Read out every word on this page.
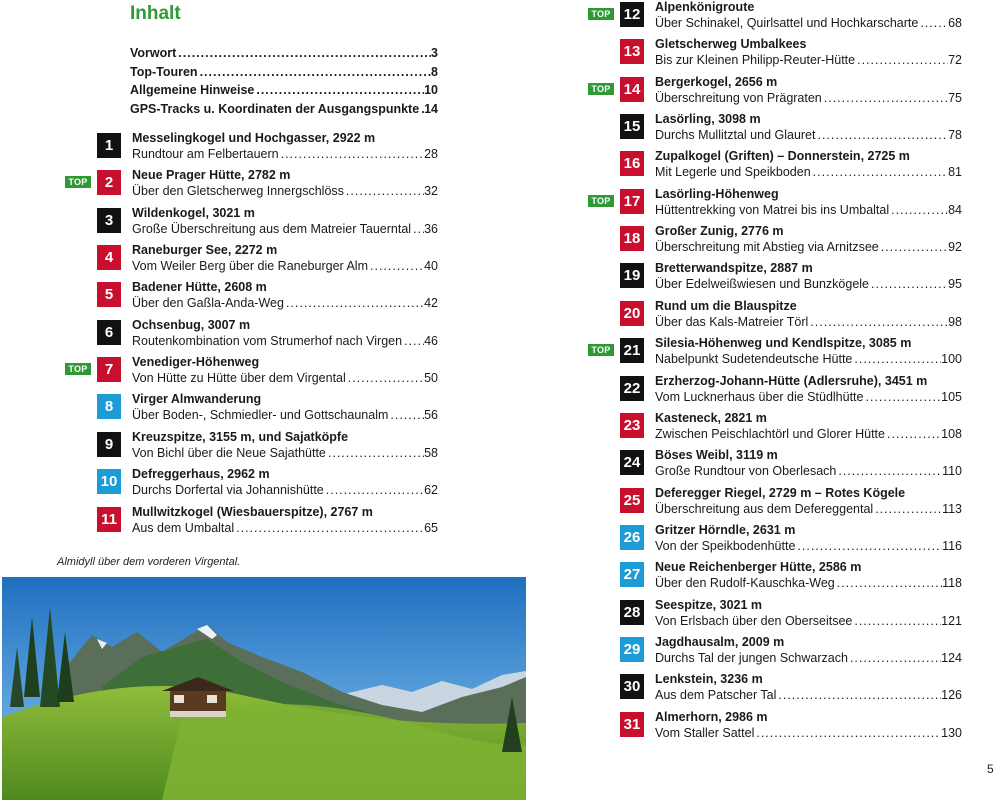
Inhalt
Vorwort .....	3
Top-Touren .....	8
Allgemeine Hinweise .....	10
GPS-Tracks u. Koordinaten der Ausgangspunkte ..... 14
1	Messelingkogel und Hochgasser, 2922 m
Rundtour am Felbertauern .....	28
TOP	2	Neue Prager Hütte, 2782 m
Über den Gletscherweg Innergschlöss .....	32
3	Wildenkogel, 3021 m
Große Überschreitung aus dem Matreier Tauerntal ..... 36
4	Raneburger See, 2272 m
Vom Weiler Berg über die Raneburger Alm .....	40
5	Badener Hütte, 2608 m
Über den Gaßla-Anda-Weg .....	42
6	Ochsenbug, 3007 m
Routenkombination vom Strumerhof nach Virgen ..... 46
TOP	7	Venediger-Höhenweg
Von Hütte zu Hütte über dem Virgental .....	50
8	Virger Almwanderung
Über Boden-, Schmiedler- und Gottschaunalm .....	56
9	Kreuzspitze, 3155 m, und Sajatköpfe
Von Bichl über die Neue Sajathütte .....	58
10 Defreggerhaus, 2962 m
Durchs Dorfertal via Johannishütte .....	62
11	Mullwitzkogel (Wiesbauerspitze), 2767 m
Aus dem Umbaltal .....	65
TOP 12 Alpenkönigroute
Über Schinakel, Quirlsattel und Hochkarscharte ..... 68
13 Gletscherweg Umbalkees
Bis zur Kleinen Philipp-Reuter-Hütte .....	72
TOP 14 Bergerkogel, 2656 m
Überschreitung von Prägraten .....	75
15 Lasörling, 3098 m
Durchs Mullitztal und Glauret .....	78
16 Zupalkogel (Griften) – Donnerstein, 2725 m
Mit Legerle und Speikboden .....	81
TOP 17 Lasörling-Höhenweg
Hüttentrekking von Matrei bis ins Umbaltal .....	84
18 Großer Zunig, 2776 m
Überschreitung mit Abstieg via Arnitzsee .....	92
19 Bretterwandspitze, 2887 m
Über Edelweißwiesen und Bunzkögele .....	95
20 Rund um die Blauspitze
Über das Kals-Matreier Törl .....	98
TOP 21 Silesia-Höhenweg und Kendlspitze, 3085 m
Nabelpunkt Sudetendeutsche Hütte .....	100
22 Erzherzog-Johann-Hütte (Adlersruhe), 3451 m
Vom Lucknerhaus über die Stüdlhütte .....	105
23 Kasteneck, 2821 m
Zwischen Peischlachtörl und Glorer Hütte .....	108
24 Böses Weibl, 3119 m
Große Rundtour von Oberlesach .....	110
25 Deferegger Riegel, 2729 m – Rotes Kögele
Überschreitung aus dem Defereggental .....	113
26 Gritzer Hörndle, 2631 m
Von der Speikbodenhütte .....	116
27 Neue Reichenberger Hütte, 2586 m
Über den Rudolf-Kauschka-Weg .....	118
28 Seespitze, 3021 m
Von Erlsbach über den Oberseitsee .....	121
29 Jagdhausalm, 2009 m
Durchs Tal der jungen Schwarzach .....	124
30 Lenkstein, 3236 m
Aus dem Patscher Tal .....	126
31 Almerhorn, 2986 m
Vom Staller Sattel .....	130
Almidyll über dem vorderen Virgental.
5
